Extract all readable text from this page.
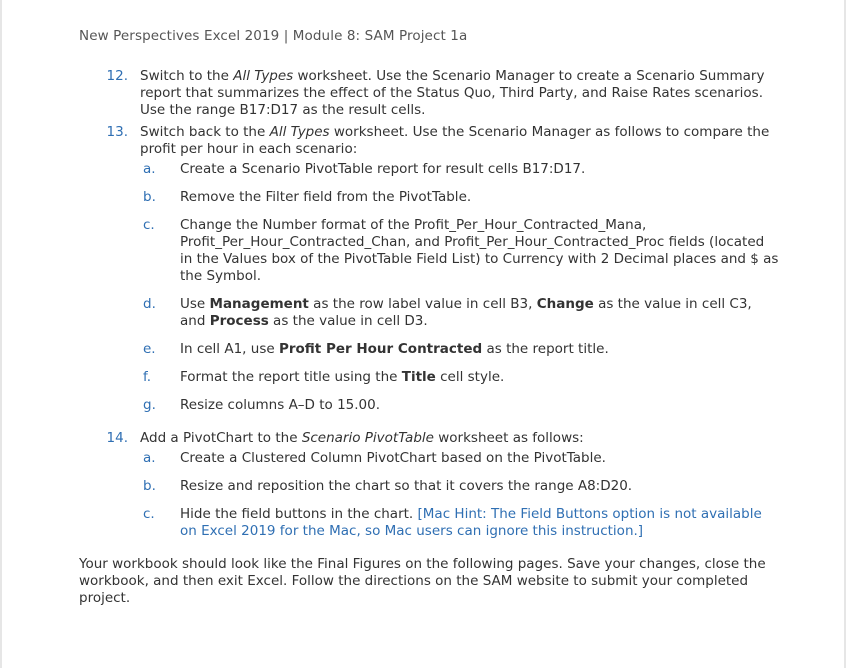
New Perspectives Excel 2019 | Module 8: SAM Project 1a
12. Switch to the All Types worksheet. Use the Scenario Manager to create a Scenario Summary report that summarizes the effect of the Status Quo, Third Party, and Raise Rates scenarios. Use the range B17:D17 as the result cells.
13. Switch back to the All Types worksheet. Use the Scenario Manager as follows to compare the profit per hour in each scenario:
a.	Create a Scenario PivotTable report for result cells B17:D17.
b.	Remove the Filter field from the PivotTable.
c.	Change the Number format of the Profit_Per_Hour_Contracted_Mana, Profit_Per_Hour_Contracted_Chan, and Profit_Per_Hour_Contracted_Proc fields (located in the Values box of the PivotTable Field List) to Currency with 2 Decimal places and $ as the Symbol.
d.	Use Management as the row label value in cell B3, Change as the value in cell C3, and Process as the value in cell D3.
e.	In cell A1, use Profit Per Hour Contracted as the report title.
f.	Format the report title using the Title cell style.
g.	Resize columns A–D to 15.00.
14. Add a PivotChart to the Scenario PivotTable worksheet as follows:
a.	Create a Clustered Column PivotChart based on the PivotTable.
b.	Resize and reposition the chart so that it covers the range A8:D20.
c.	Hide the field buttons in the chart. [Mac Hint: The Field Buttons option is not available on Excel 2019 for the Mac, so Mac users can ignore this instruction.]
Your workbook should look like the Final Figures on the following pages. Save your changes, close the workbook, and then exit Excel. Follow the directions on the SAM website to submit your completed project.
